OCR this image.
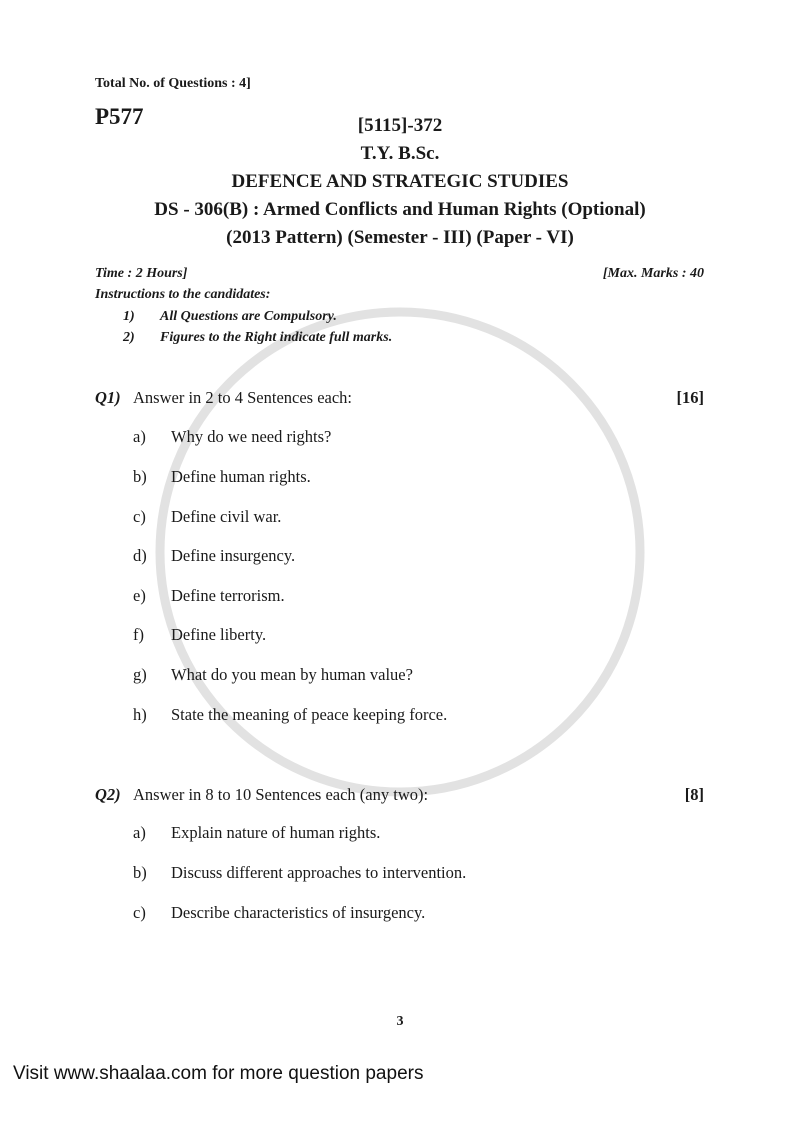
Total No. of Questions : 4]
P577	[5115]-372
T.Y. B.Sc.
DEFENCE AND STRATEGIC STUDIES
DS - 306(B) : Armed Conflicts and Human Rights (Optional)
(2013 Pattern) (Semester - III) (Paper - VI)
Time : 2 Hours]	[Max. Marks : 40
Instructions to the candidates:
1) All Questions are Compulsory.
2) Figures to the Right indicate full marks.
Q1) Answer in 2 to 4 Sentences each:	[16]
a) Why do we need rights?
b) Define human rights.
c) Define civil war.
d) Define insurgency.
e) Define terrorism.
f) Define liberty.
g) What do you mean by human value?
h) State the meaning of peace keeping force.
Q2) Answer in 8 to 10 Sentences each (any two):	[8]
a) Explain nature of human rights.
b) Discuss different approaches to intervention.
c) Describe characteristics of insurgency.
3
Visit www.shaalaa.com for more question papers
